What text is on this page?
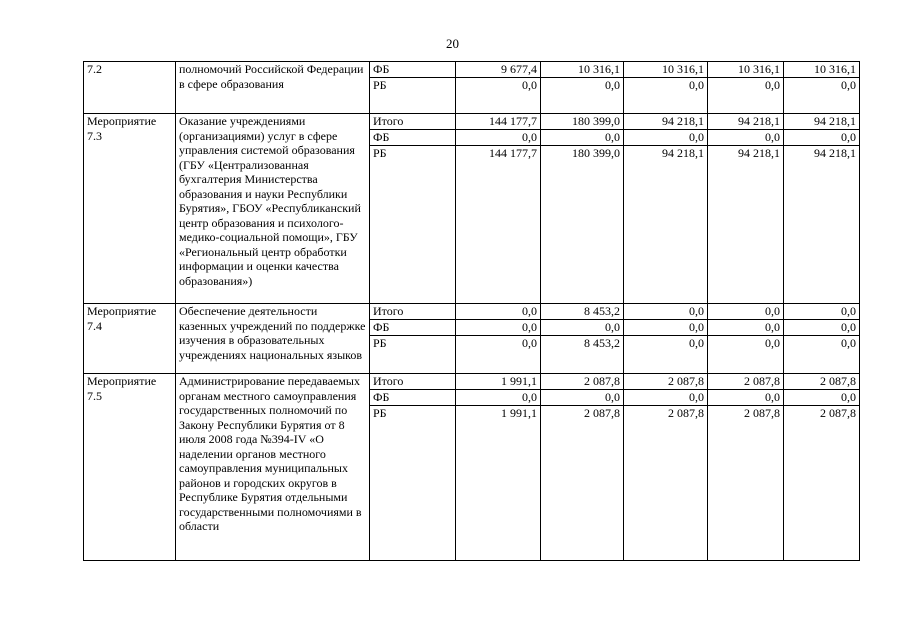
20
7.2	полномочий Российской Федерации в сфере образования	ФБ	9 677,4	10 316,1	10 316,1	10 316,1	10 316,1
		РБ	0,0	0,0	0,0	0,0	0,0
Мероприятие 7.3	Оказание учреждениями (организациями) услуг в сфере управления системой образования (ГБУ «Централизованная бухгалтерия Министерства образования и науки Республики Бурятия», ГБОУ «Республиканский центр образования и психолого-медико-социальной помощи», ГБУ «Региональный центр обработки информации и оценки качества образования»)	Итого	144 177,7	180 399,0	94 218,1	94 218,1	94 218,1
		ФБ	0,0	0,0	0,0	0,0	0,0
		РБ	144 177,7	180 399,0	94 218,1	94 218,1	94 218,1
Мероприятие 7.4	Обеспечение деятельности казенных учреждений по поддержке изучения в образовательных учреждениях национальных языков	Итого	0,0	8 453,2	0,0	0,0	0,0
		ФБ	0,0	0,0	0,0	0,0	0,0
		РБ	0,0	8 453,2	0,0	0,0	0,0
Мероприятие 7.5	Администрирование передаваемых органам местного самоуправления государственных полномочий по Закону Республики Бурятия от 8 июля 2008 года №394-IV «О наделении органов местного самоуправления муниципальных районов и городских округов в Республике Бурятия отдельными государственными полномочиями в области	Итого	1 991,1	2 087,8	2 087,8	2 087,8	2 087,8
		ФБ	0,0	0,0	0,0	0,0	0,0
		РБ	1 991,1	2 087,8	2 087,8	2 087,8	2 087,8
